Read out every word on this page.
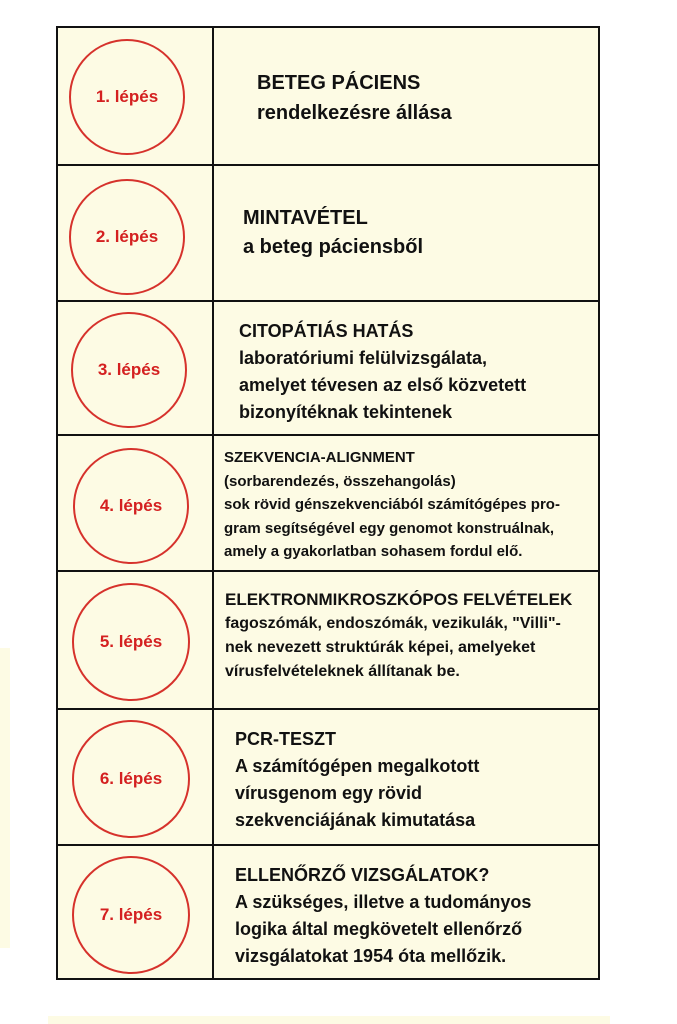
1. lépés
BETEG PÁCIENS
rendelkezésre állása
2. lépés
MINTAVÉTEL
a beteg páciensből
3. lépés
CITOPÁTIÁS HATÁS
laboratóriumi felülvizsgálata,
amelyet tévesen az első közvetett
bizonyítéknak tekintenek
4. lépés
SZEKVENCIA-ALIGNMENT
(sorbarendezés, összehangolás)
sok rövid génszekvenciából számítógépes pro-
gram segítségével egy genomot konstruálnak,
amely a gyakorlatban sohasem fordul elő.
5. lépés
ELEKTRONMIKROSZKÓPOS FELVÉTELEK
fagoszómák, endoszómák, vezikulák, "Villi"-
nek nevezett struktúrák képei, amelyeket
vírusfelvételeknek állítanak be.
6. lépés
PCR-TESZT
A számítógépen megalkotott
vírusgenom egy rövid
szekvenciájának kimutatása
7. lépés
ELLENŐRZŐ VIZSGÁLATOK?
A szükséges, illetve a tudományos
logika által megkövetelt ellenőrző
vizsgálatokat 1954 óta mellőzik.
